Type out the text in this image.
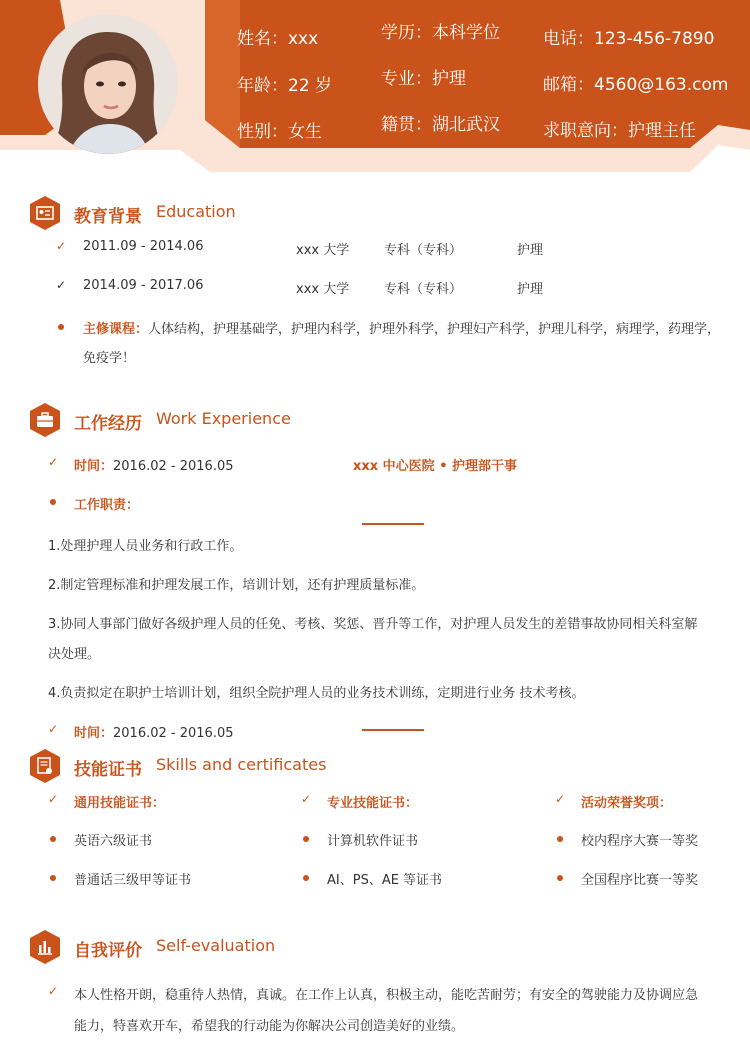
姓名：xxx
年龄：22 岁
性别：女生
学历：本科学位
专业：护理
籍贯：湖北武汉
电话：123-456-7890
邮箱：4560@163.com
求职意向：护理主任
教育背景 Education
✓ 2011.09 - 2014.06	xxx 大学	专科（专科）	护理
✓ 2014.09 - 2017.06	xxx 大学	专科（专科）	护理
主修课程：人体结构，护理基础学，护理内科学，护理外科学，护理妇产科学，护理儿科学，病理学，药理学，
免疫学！
工作经历 Work Experience
✓ 时间：2016.02 - 2016.05	xxx 中心医院 • 护理部干事
工作职责：
1.处理护理人员业务和行政工作。
2.制定管理标准和护理发展工作，培训计划，还有护理质量标准。
3.协同人事部门做好各级护理人员的任免、考核、奖惩、晋升等工作，对护理人员发生的差错事故协同相关科室解
决处理。
4.负责拟定在职护士培训计划，组织全院护理人员的业务技术训练，定期进行业务 技术考核。
✓ 时间：2016.02 - 2016.05
技能证书 Skills and certificates
✓ 通用技能证书：
英语六级证书
普通话三级甲等证书
✓ 专业技能证书：
计算机软件证书
AI、PS、AE 等证书
✓ 活动荣誉奖项：
校内程序大赛一等奖
全国程序比赛一等奖
自我评价 Self-evaluation
✓ 本人性格开朗，稳重待人热情，真诚。在工作上认真，积极主动，能吃苦耐劳；有安全的驾驶能力及协调应急
能力，特喜欢开车，希望我的行动能为你解决公司创造美好的业绩。
